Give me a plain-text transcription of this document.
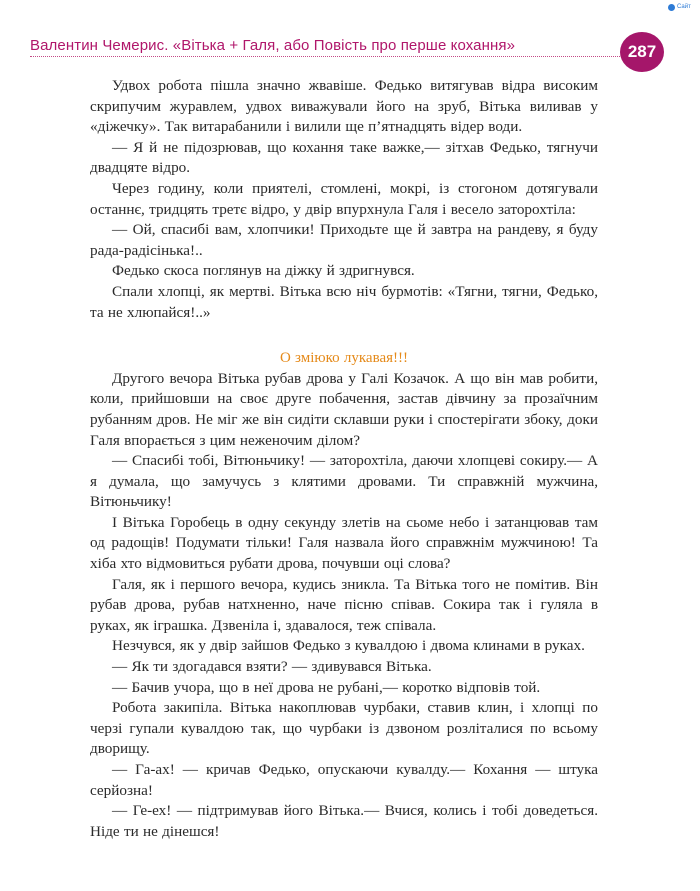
Сайт
Валентин Чемерис. «Вітька + Галя, або Повість про перше кохання»	287

Удвох робота пішла значно жвавіше. Федько витягував відра високим скрипучим журавлем, удвох виважували його на зруб, Вітька виливав у «діжечку». Так витарабанили і вилили ще п’ятнадцять відер води.

— Я й не підозрював, що кохання таке важке,— зітхав Федько, тягнучи двадцяте відро.

Через годину, коли приятелі, стомлені, мокрі, із стогоном дотягували останнє, тридцять третє відро, у двір впурхнула Галя і весело заторохтіла:

— Ой, спасибі вам, хлопчики! Приходьте ще й завтра на рандеву, я буду рада-радісінька!..

Федько скоса поглянув на діжку й здригнувся.

Спали хлопці, як мертві. Вітька всю ніч бурмотів: «Тягни, тягни, Федько, та не хлюпайся!..»

О зміюко лукавая!!!

Другого вечора Вітька рубав дрова у Галі Козачок. А що він мав робити, коли, прийшовши на своє друге побачення, застав дівчину за прозаїчним рубанням дров. Не міг же він сидіти склавши руки і спостерігати збоку, доки Галя впорається з цим неженочим ділом?

— Спасибі тобі, Вітюньчику! — заторохтіла, даючи хлопцеві сокиру.— А я думала, що замучусь з клятими дровами. Ти справжній мужчина, Вітюньчику!

І Вітька Горобець в одну секунду злетів на сьоме небо і затанцював там од радощів! Подумати тільки! Галя назвала його справжнім мужчиною! Та хіба хто відмовиться рубати дрова, почувши оці слова?

Галя, як і першого вечора, кудись зникла. Та Вітька того не помітив. Він рубав дрова, рубав натхненно, наче пісню співав. Сокира так і гуляла в руках, як іграшка. Дзвеніла і, здавалося, теж співала.

Незчувся, як у двір зайшов Федько з кувалдою і двома клинами в руках.

— Як ти здогадався взяти? — здивувався Вітька.

— Бачив учора, що в неї дрова не рубані,— коротко відповів той.

Робота закипіла. Вітька накоплював чурбаки, ставив клин, і хлопці по черзі гупали кувалдою так, що чурбаки із дзвоном розліталися по всьому дворищу.

— Га-ах! — кричав Федько, опускаючи кувалду.— Кохання — штука серйозна!

— Ге-ех! — підтримував його Вітька.— Вчися, колись і тобі доведеться. Ніде ти не дінешся!
